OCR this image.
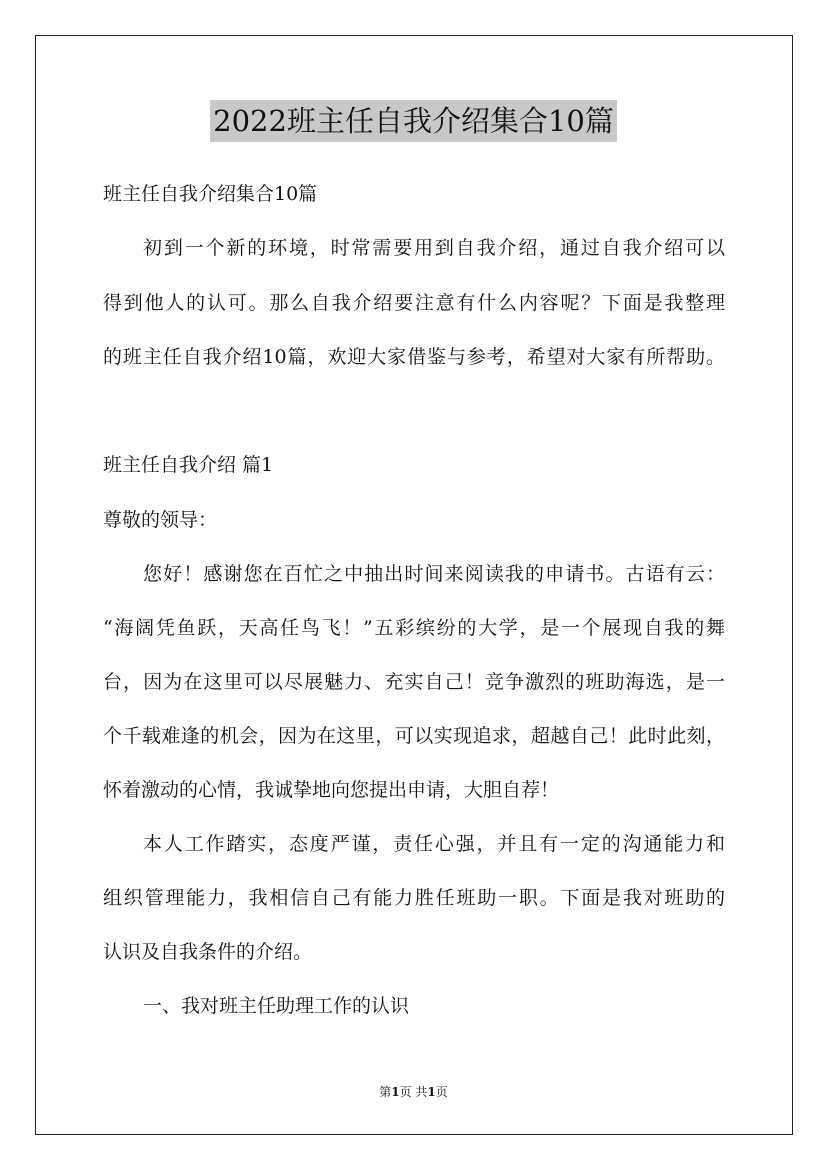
2022班主任自我介绍集合10篇
班主任自我介绍集合10篇
初到一个新的环境，时常需要用到自我介绍，通过自我介绍可以
得到他人的认可。那么自我介绍要注意有什么内容呢？下面是我整理
的班主任自我介绍10篇，欢迎大家借鉴与参考，希望对大家有所帮助。
班主任自我介绍 篇1
尊敬的领导：
您好！感谢您在百忙之中抽出时间来阅读我的申请书。古语有云：
“海阔凭鱼跃，天高任鸟飞！”五彩缤纷的大学，是一个展现自我的舞
台，因为在这里可以尽展魅力、充实自己！竞争激烈的班助海选，是一
个千载难逢的机会，因为在这里，可以实现追求，超越自己！此时此刻，
怀着激动的心情，我诚挚地向您提出申请，大胆自荐！
本人工作踏实，态度严谨，责任心强，并且有一定的沟通能力和
组织管理能力，我相信自己有能力胜任班助一职。下面是我对班助的
认识及自我条件的介绍。
一、我对班主任助理工作的认识
第1页 共1页
